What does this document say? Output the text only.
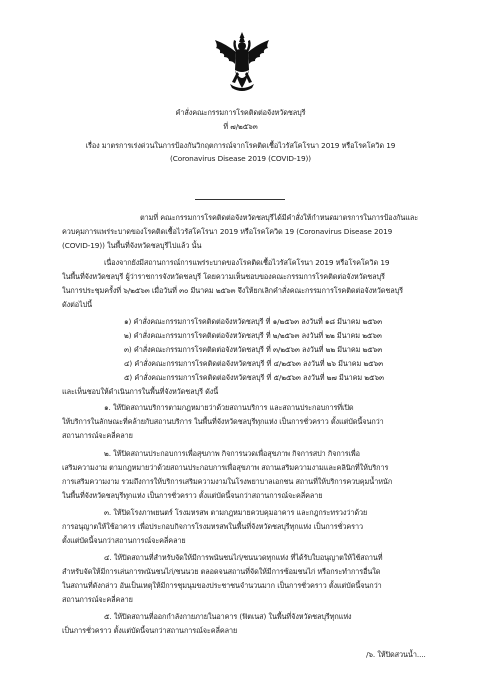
คำสั่งคณะกรรมการโรคติดต่อจังหวัดชลบุรี
ที่ ๗/๒๕๖๓
เรื่อง มาตรการเร่งด่วนในการป้องกันวิกฤตการณ์จากโรคติดเชื้อไวรัสโคโรนา 2019 หรือโรคโควิด 19
(Coronavirus Disease 2019 (COVID-19))
ตามที่ คณะกรรมการโรคติดต่อจังหวัดชลบุรีได้มีคำสั่งให้กำหนดมาตรการในการป้องกันและ
ควบคุมการแพร่ระบาดของโรคติดเชื้อไวรัสโคโรนา 2019 หรือโรคโควิด 19 (Coronavirus Disease 2019
(COVID-19)) ในพื้นที่จังหวัดชลบุรีไปแล้ว นั้น
เนื่องจากยังมีสถานการณ์การแพร่ระบาดของโรคติดเชื้อไวรัสโคโรนา 2019 หรือโรคโควิด 19
ในพื้นที่จังหวัดชลบุรี ผู้ว่าราชการจังหวัดชลบุรี โดยความเห็นชอบของคณะกรรมการโรคติดต่อจังหวัดชลบุรี
ในการประชุมครั้งที่ ๖/๒๕๖๓ เมื่อวันที่ ๓๐ มีนาคม ๒๕๖๓ จึงให้ยกเลิกคำสั่งคณะกรรมการโรคติดต่อจังหวัดชลบุรี
ดังต่อไปนี้
๑) คำสั่งคณะกรรมการโรคติดต่อจังหวัดชลบุรี ที่ ๑/๒๕๖๓ ลงวันที่ ๑๘ มีนาคม ๒๕๖๓
๒) คำสั่งคณะกรรมการโรคติดต่อจังหวัดชลบุรี ที่ ๒/๒๕๖๓ ลงวันที่ ๒๒ มีนาคม ๒๕๖๓
๓) คำสั่งคณะกรรมการโรคติดต่อจังหวัดชลบุรี ที่ ๓/๒๕๖๓ ลงวันที่ ๒๒ มีนาคม ๒๕๖๓
๔) คำสั่งคณะกรรมการโรคติดต่อจังหวัดชลบุรี ที่ ๔/๒๕๖๓ ลงวันที่ ๒๖ มีนาคม ๒๕๖๓
๕) คำสั่งคณะกรรมการโรคติดต่อจังหวัดชลบุรี ที่ ๕/๒๕๖๓ ลงวันที่ ๒๗ มีนาคม ๒๕๖๓
และเห็นชอบให้ดำเนินการในพื้นที่จังหวัดชลบุรี ดังนี้
๑. ให้ปิดสถานบริการตามกฎหมายว่าด้วยสถานบริการ และสถานประกอบการที่เปิด
ให้บริการในลักษณะที่คล้ายกับสถานบริการ ในพื้นที่จังหวัดชลบุรีทุกแห่ง เป็นการชั่วคราว ตั้งแต่บัดนี้จนกว่า
สถานการณ์จะคลี่คลาย
๒. ให้ปิดสถานประกอบการเพื่อสุขภาพ กิจการนวดเพื่อสุขภาพ กิจการสปา กิจการเพื่อ
เสริมความงาม ตามกฎหมายว่าด้วยสถานประกอบการเพื่อสุขภาพ สถานเสริมความงามและคลินิกที่ให้บริการ
การเสริมความงาม รวมถึงการให้บริการเสริมความงามในโรงพยาบาลเอกชน สถานที่ให้บริการควบคุมน้ำหนัก
ในพื้นที่จังหวัดชลบุรีทุกแห่ง เป็นการชั่วคราว ตั้งแต่บัดนี้จนกว่าสถานการณ์จะคลี่คลาย
๓. ให้ปิดโรงภาพยนตร์ โรงมหรสพ ตามกฎหมายควบคุมอาคาร และกฎกระทรวงว่าด้วย
การอนุญาตให้ใช้อาคาร เพื่อประกอบกิจการโรงมหรสพในพื้นที่จังหวัดชลบุรีทุกแห่ง เป็นการชั่วคราว
ตั้งแต่บัดนี้จนกว่าสถานการณ์จะคลี่คลาย
๔. ให้ปิดสถานที่สำหรับจัดให้มีการพนันชนไก่/ชนนวดทุกแห่ง ที่ได้รับใบอนุญาตให้ใช้สถานที่
สำหรับจัดให้มีการเล่นการพนันชนไก่/ชนนวย ตลอดจนสถานที่จัดให้มีการซ้อมชนไก่ หรือกระทำการอื่นใด
ในสถานที่ดังกล่าว อันเป็นเหตุให้มีการชุมนุมของประชาชนจำนวนมาก เป็นการชั่วคราว ตั้งแต่บัดนี้จนกว่า
สถานการณ์จะคลี่คลาย
๕. ให้ปิดสถานที่ออกกำลังกายภายในอาคาร (ฟิตเนส) ในพื้นที่จังหวัดชลบุรีทุกแห่ง
เป็นการชั่วคราว ตั้งแต่บัดนี้จนกว่าสถานการณ์จะคลี่คลาย
/๖. ให้ปิดสวนน้ำ....
